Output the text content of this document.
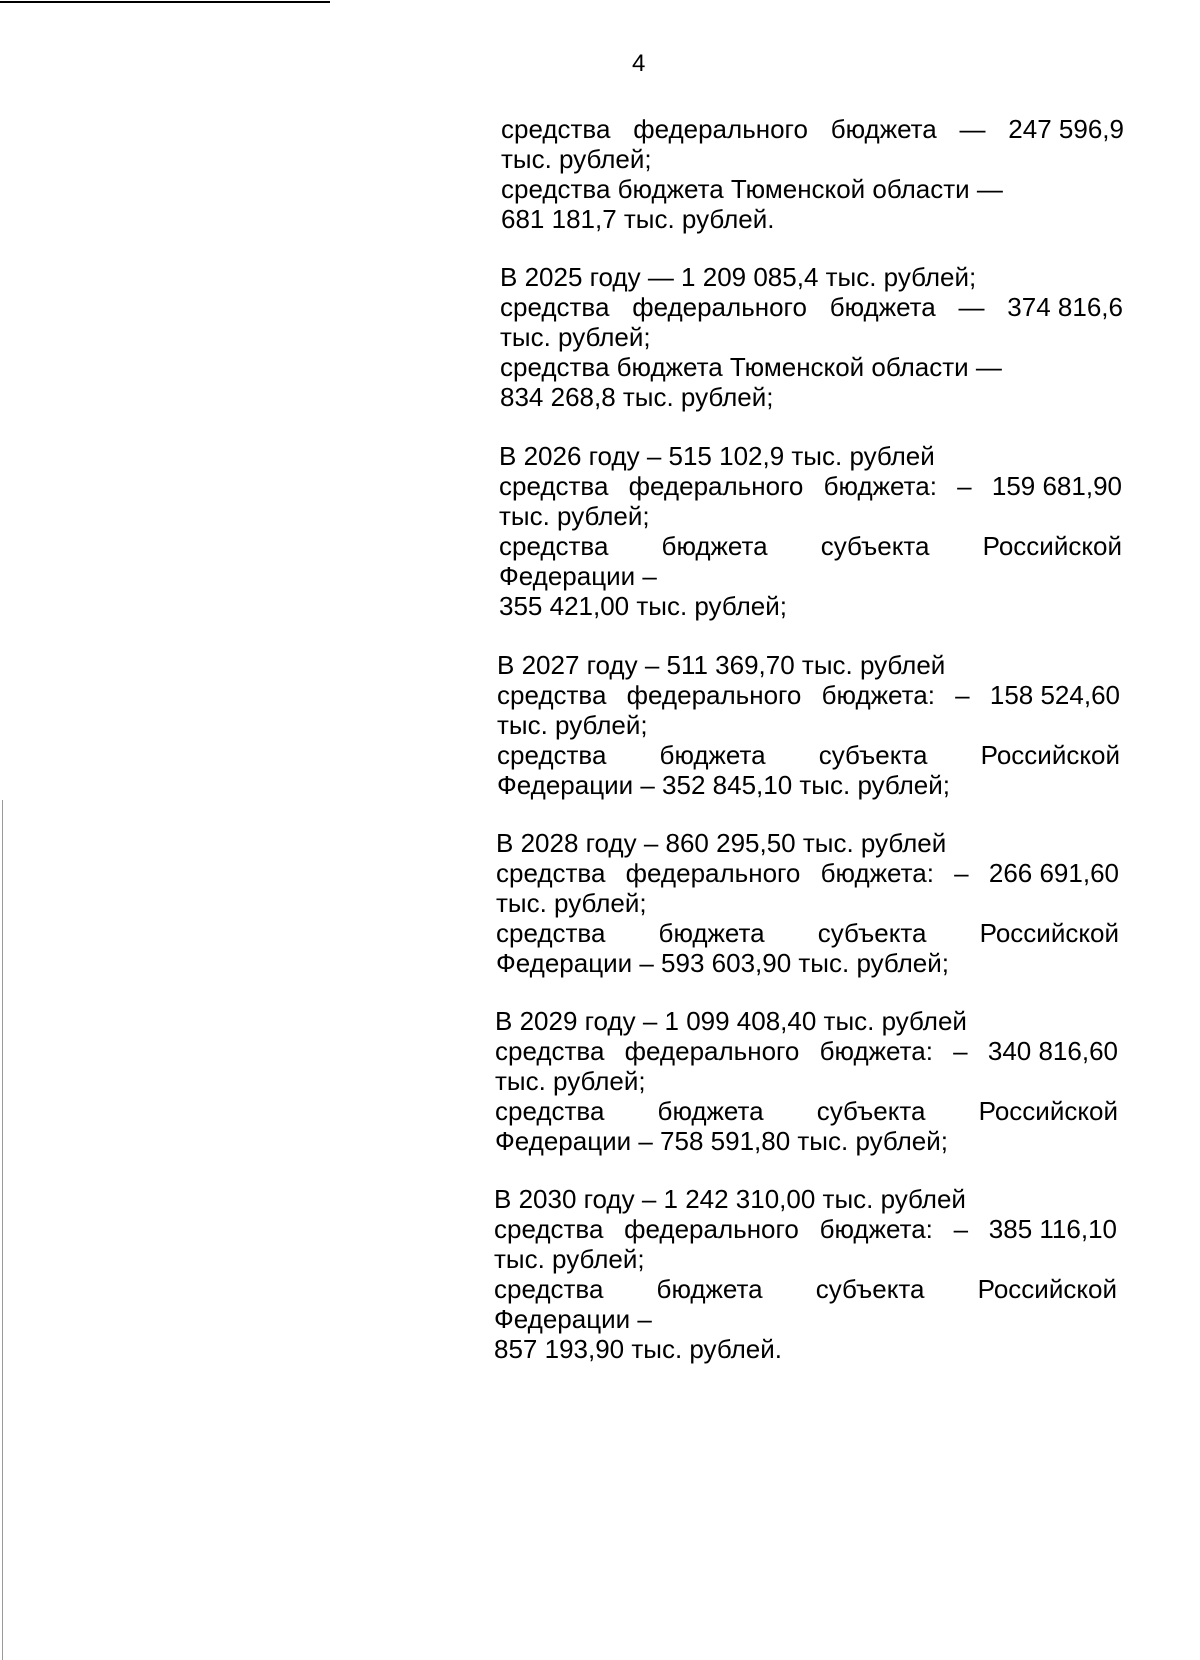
4
средства федерального бюджета — 247 596,9
тыс. рублей;
средства бюджета Тюменской области —
681 181,7 тыс. рублей.
В 2025 году — 1 209 085,4 тыс. рублей;
средства федерального бюджета — 374 816,6
тыс. рублей;
средства бюджета Тюменской области —
834 268,8 тыс. рублей;
В 2026 году – 515 102,9 тыс. рублей
средства федерального бюджета: – 159 681,90
тыс. рублей;
средства бюджета субъекта Российской
Федерации –
355 421,00 тыс. рублей;
В 2027 году – 511 369,70 тыс. рублей
средства федерального бюджета: – 158 524,60
тыс. рублей;
средства бюджета субъекта Российской
Федерации – 352 845,10 тыс. рублей;
В 2028 году – 860 295,50 тыс. рублей
средства федерального бюджета: – 266 691,60
тыс. рублей;
средства бюджета субъекта Российской
Федерации – 593 603,90 тыс. рублей;
В 2029 году – 1 099 408,40 тыс. рублей
средства федерального бюджета: – 340 816,60
тыс. рублей;
средства бюджета субъекта Российской
Федерации – 758 591,80 тыс. рублей;
В 2030 году – 1 242 310,00 тыс. рублей
средства федерального бюджета: – 385 116,10
тыс. рублей;
средства бюджета субъекта Российской
Федерации –
857 193,90 тыс. рублей.
